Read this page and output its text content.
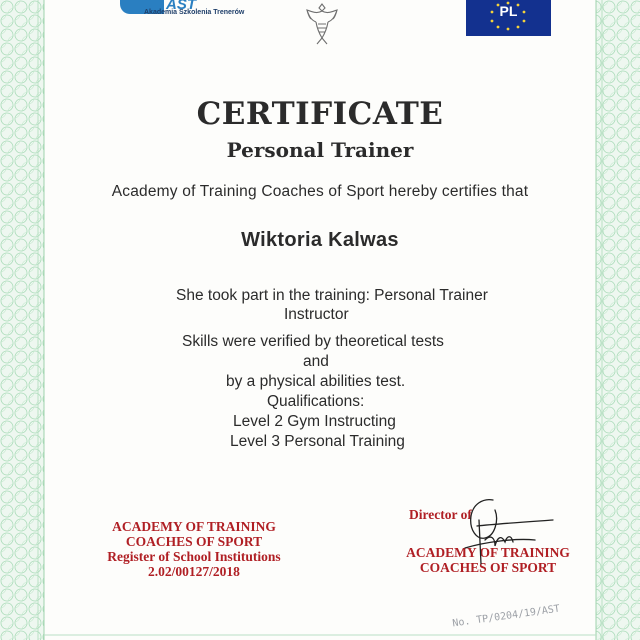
AST
Akademia Szkolenia Trenerów	PL
CERTIFICATE
Personal Trainer
Academy of Training Coaches of Sport hereby certifies that
Wiktoria Kalwas
She took part in the training: Personal Trainer
Instructor
Skills were verified by theoretical tests
and
by a physical abilities test.
Qualifications:
Level 2 Gym Instructing
Level 3 Personal Training
ACADEMY OF TRAINING
COACHES OF SPORT
Register of School Institutions
2.02/00127/2018
Director of
ACADEMY OF TRAINING
COACHES OF SPORT
No. TP/0204/19/AST
